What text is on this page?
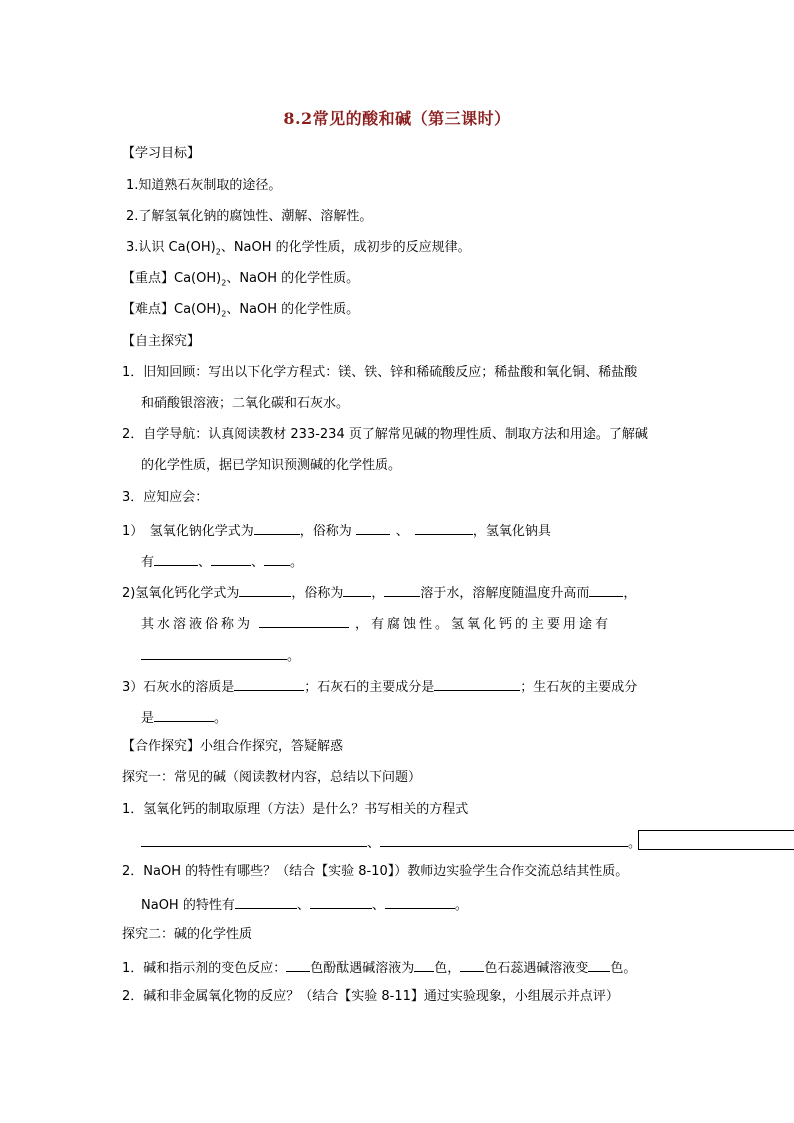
8.2常见的酸和碱（第三课时）
【学习目标】
1.知道熟石灰制取的途径。
2.了解氢氧化钠的腐蚀性、潮解、溶解性。
3.认识 $Ca(OH)_2$、NaOH 的化学性质，成初步的反应规律。
【重点】$Ca(OH)_2$、NaOH 的化学性质。
【难点】$Ca(OH)_2$、NaOH 的化学性质。
【自主探究】
1．旧知回顾：写出以下化学方程式：镁、铁、锌和稀硫酸反应；稀盐酸和氧化铜、稀盐酸
和硝酸银溶液；二氧化碳和石灰水。
2．自学导航：认真阅读教材 233-234 页了解常见碱的物理性质、制取方法和用途。了解碱
的化学性质，据已学知识预测碱的化学性质。
3．应知应会：
1）　氢氧化钠化学式为	，俗称为	、	，氢氧化钠具
有	、	、 。
2)氢氧化钙化学式为	，俗称为 ，	溶于水，溶解度随温度升高而	，
其水溶液俗称为	，有腐蚀性。氢氧化钙的主要用途有
。
3）石灰水的溶质是	；石灰石的主要成分是	；生石灰的主要成分
是	。
【合作探究】小组合作探究，答疑解惑
探究一：常见的碱（阅读教材内容，总结以下问题）
1．氢氧化钙的制取原理（方法）是什么？书写相关的方程式
、	。
2．NaOH 的特性有哪些？（结合【实验 8-10】）教师边实验学生合作交流总结其性质。
NaOH 的特性有	、	、	。
探究二：碱的化学性质
1．碱和指示剂的变色反应： 色酚酞遇碱溶液为 色， 色石蕊遇碱溶液变 色。
2．碱和非金属氧化物的反应？（结合【实验 8-11】通过实验现象，小组展示并点评）
